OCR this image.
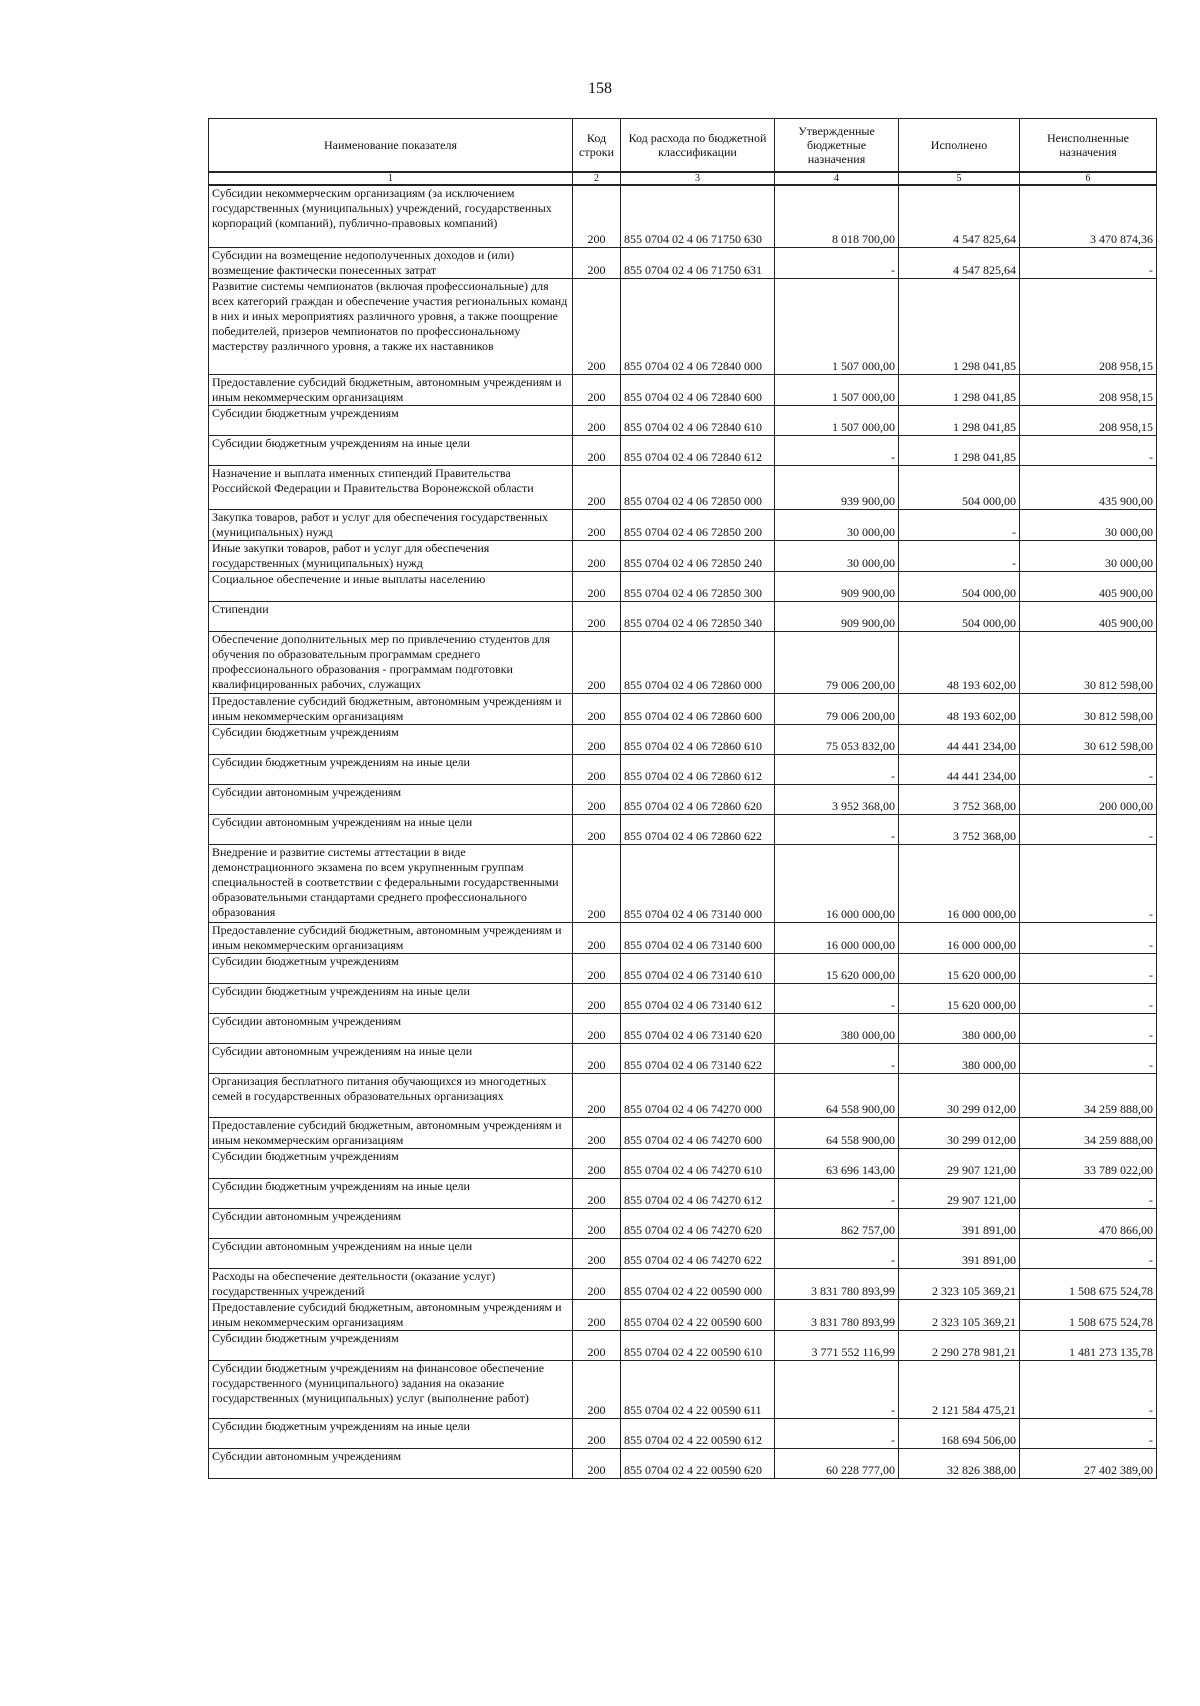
158
Наименование показателя	Код строки	Код расхода по бюджетной классификации	Утвержденные бюджетные назначения	Исполнено	Неисполненные назначения
1	2	3	4	5	6
Субсидии некоммерческим организациям (за исключением государственных (муниципальных) учреждений, государственных корпораций (компаний), публично-правовых компаний)	200	855 0704 02 4 06 71750 630	8 018 700,00	4 547 825,64	3 470 874,36
Субсидии на возмещение недополученных доходов и (или) возмещение фактически понесенных затрат	200	855 0704 02 4 06 71750 631	-	4 547 825,64	-
Развитие системы чемпионатов (включая профессиональные) для всех категорий граждан и обеспечение участия региональных команд в них и иных мероприятиях различного уровня, а также поощрение победителей, призеров чемпионатов по профессиональному мастерству различного уровня, а также их наставников	200	855 0704 02 4 06 72840 000	1 507 000,00	1 298 041,85	208 958,15
Предоставление субсидий бюджетным, автономным учреждениям и иным некоммерческим организациям	200	855 0704 02 4 06 72840 600	1 507 000,00	1 298 041,85	208 958,15
Субсидии бюджетным учреждениям	200	855 0704 02 4 06 72840 610	1 507 000,00	1 298 041,85	208 958,15
Субсидии бюджетным учреждениям на иные цели	200	855 0704 02 4 06 72840 612	-	1 298 041,85	-
Назначение и выплата именных стипендий Правительства Российской Федерации и Правительства Воронежской области	200	855 0704 02 4 06 72850 000	939 900,00	504 000,00	435 900,00
Закупка товаров, работ и услуг для обеспечения государственных (муниципальных) нужд	200	855 0704 02 4 06 72850 200	30 000,00	-	30 000,00
Иные закупки товаров, работ и услуг для обеспечения государственных (муниципальных) нужд	200	855 0704 02 4 06 72850 240	30 000,00	-	30 000,00
Социальное обеспечение и иные выплаты населению	200	855 0704 02 4 06 72850 300	909 900,00	504 000,00	405 900,00
Стипендии	200	855 0704 02 4 06 72850 340	909 900,00	504 000,00	405 900,00
Обеспечение дополнительных мер по привлечению студентов для обучения по образовательным программам среднего профессионального образования - программам подготовки квалифицированных рабочих, служащих	200	855 0704 02 4 06 72860 000	79 006 200,00	48 193 602,00	30 812 598,00
Предоставление субсидий бюджетным, автономным учреждениям и иным некоммерческим организациям	200	855 0704 02 4 06 72860 600	79 006 200,00	48 193 602,00	30 812 598,00
Субсидии бюджетным учреждениям	200	855 0704 02 4 06 72860 610	75 053 832,00	44 441 234,00	30 612 598,00
Субсидии бюджетным учреждениям на иные цели	200	855 0704 02 4 06 72860 612	-	44 441 234,00	-
Субсидии автономным учреждениям	200	855 0704 02 4 06 72860 620	3 952 368,00	3 752 368,00	200 000,00
Субсидии автономным учреждениям на иные цели	200	855 0704 02 4 06 72860 622	-	3 752 368,00	-
Внедрение и развитие системы аттестации в виде демонстрационного экзамена по всем укрупненным группам специальностей в соответствии с федеральными государственными образовательными стандартами среднего профессионального образования	200	855 0704 02 4 06 73140 000	16 000 000,00	16 000 000,00	-
Предоставление субсидий бюджетным, автономным учреждениям и иным некоммерческим организациям	200	855 0704 02 4 06 73140 600	16 000 000,00	16 000 000,00	-
Субсидии бюджетным учреждениям	200	855 0704 02 4 06 73140 610	15 620 000,00	15 620 000,00	-
Субсидии бюджетным учреждениям на иные цели	200	855 0704 02 4 06 73140 612	-	15 620 000,00	-
Субсидии автономным учреждениям	200	855 0704 02 4 06 73140 620	380 000,00	380 000,00	-
Субсидии автономным учреждениям на иные цели	200	855 0704 02 4 06 73140 622	-	380 000,00	-
Организация бесплатного питания обучающихся из многодетных семей в государственных образовательных организациях	200	855 0704 02 4 06 74270 000	64 558 900,00	30 299 012,00	34 259 888,00
Предоставление субсидий бюджетным, автономным учреждениям и иным некоммерческим организациям	200	855 0704 02 4 06 74270 600	64 558 900,00	30 299 012,00	34 259 888,00
Субсидии бюджетным учреждениям	200	855 0704 02 4 06 74270 610	63 696 143,00	29 907 121,00	33 789 022,00
Субсидии бюджетным учреждениям на иные цели	200	855 0704 02 4 06 74270 612	-	29 907 121,00	-
Субсидии автономным учреждениям	200	855 0704 02 4 06 74270 620	862 757,00	391 891,00	470 866,00
Субсидии автономным учреждениям на иные цели	200	855 0704 02 4 06 74270 622	-	391 891,00	-
Расходы на обеспечение деятельности (оказание услуг) государственных учреждений	200	855 0704 02 4 22 00590 000	3 831 780 893,99	2 323 105 369,21	1 508 675 524,78
Предоставление субсидий бюджетным, автономным учреждениям и иным некоммерческим организациям	200	855 0704 02 4 22 00590 600	3 831 780 893,99	2 323 105 369,21	1 508 675 524,78
Субсидии бюджетным учреждениям	200	855 0704 02 4 22 00590 610	3 771 552 116,99	2 290 278 981,21	1 481 273 135,78
Субсидии бюджетным учреждениям на финансовое обеспечение государственного (муниципального) задания на оказание государственных (муниципальных) услуг (выполнение работ)	200	855 0704 02 4 22 00590 611	-	2 121 584 475,21	-
Субсидии бюджетным учреждениям на иные цели	200	855 0704 02 4 22 00590 612	-	168 694 506,00	-
Субсидии автономным учреждениям	200	855 0704 02 4 22 00590 620	60 228 777,00	32 826 388,00	27 402 389,00
